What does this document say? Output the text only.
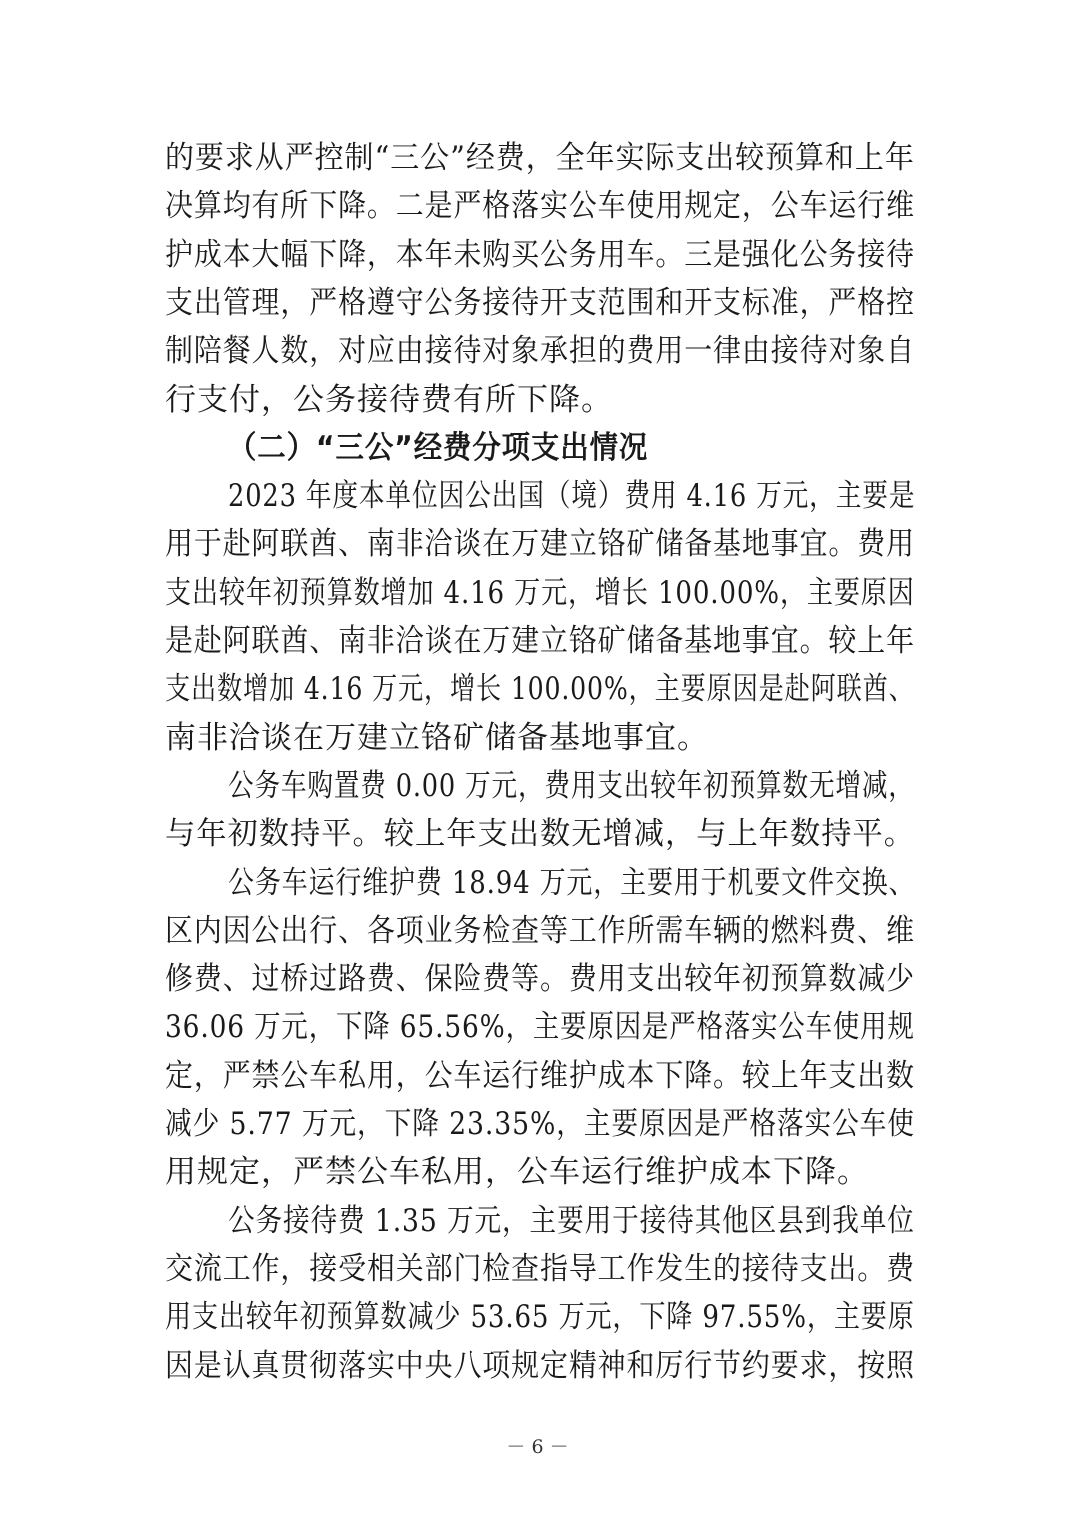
的要求从严控制“三公”经费，全年实际支出较预算和上年
决算均有所下降。二是严格落实公车使用规定，公车运行维
护成本大幅下降，本年未购买公务用车。三是强化公务接待
支出管理，严格遵守公务接待开支范围和开支标准，严格控
制陪餐人数，对应由接待对象承担的费用一律由接待对象自
行支付，公务接待费有所下降。
（二）“三公”经费分项支出情况
2023 年度本单位因公出国（境）费用 4.16 万元，主要是
用于赴阿联酋、南非洽谈在万建立铬矿储备基地事宜。费用
支出较年初预算数增加 4.16 万元，增长 100.00%，主要原因
是赴阿联酋、南非洽谈在万建立铬矿储备基地事宜。较上年
支出数增加 4.16 万元，增长 100.00%，主要原因是赴阿联酋、
南非洽谈在万建立铬矿储备基地事宜。
公务车购置费 0.00 万元，费用支出较年初预算数无增减，
与年初数持平。较上年支出数无增减，与上年数持平。
公务车运行维护费 18.94 万元，主要用于机要文件交换、
区内因公出行、各项业务检查等工作所需车辆的燃料费、维
修费、过桥过路费、保险费等。费用支出较年初预算数减少
36.06 万元，下降 65.56%，主要原因是严格落实公车使用规
定，严禁公车私用，公车运行维护成本下降。较上年支出数
减少 5.77 万元，下降 23.35%，主要原因是严格落实公车使
用规定，严禁公车私用，公车运行维护成本下降。
公务接待费 1.35 万元，主要用于接待其他区县到我单位
交流工作，接受相关部门检查指导工作发生的接待支出。费
用支出较年初预算数减少 53.65 万元，下降 97.55%，主要原
因是认真贯彻落实中央八项规定精神和厉行节约要求，按照
－ 6 －
